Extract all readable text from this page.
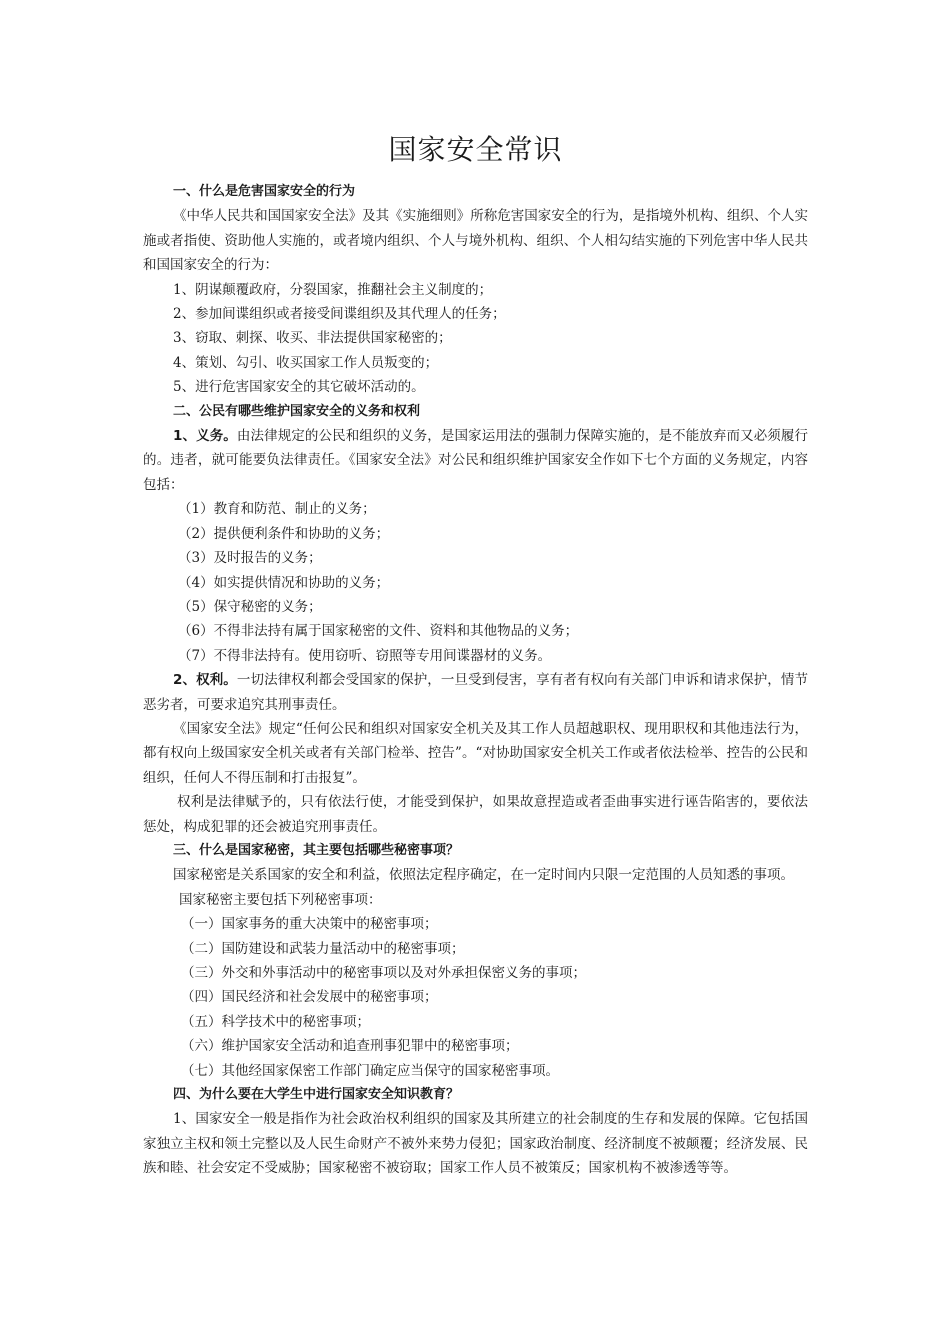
国家安全常识

一、什么是危害国家安全的行为

《中华人民共和国国家安全法》及其《实施细则》所称危害国家安全的行为，是指境外机构、组织、个人实施或者指使、资助他人实施的，或者境内组织、个人与境外机构、组织、个人相勾结实施的下列危害中华人民共和国国家安全的行为：

1、阴谋颠覆政府，分裂国家，推翻社会主义制度的；

2、参加间谍组织或者接受间谍组织及其代理人的任务；

3、窃取、刺探、收买、非法提供国家秘密的；

4、策划、勾引、收买国家工作人员叛变的；

5、进行危害国家安全的其它破坏活动的。

二、公民有哪些维护国家安全的义务和权利

1、义务。由法律规定的公民和组织的义务，是国家运用法的强制力保障实施的，是不能放弃而又必须履行的。违者，就可能要负法律责任。《国家安全法》对公民和组织维护国家安全作如下七个方面的义务规定，内容包括：

（1）教育和防范、制止的义务；

（2）提供便利条件和协助的义务；

（3）及时报告的义务；

（4）如实提供情况和协助的义务；

（5）保守秘密的义务；

（6）不得非法持有属于国家秘密的文件、资料和其他物品的义务；

（7）不得非法持有。使用窃听、窃照等专用间谍器材的义务。

2、权利。一切法律权利都会受国家的保护，一旦受到侵害，享有者有权向有关部门申诉和请求保护，情节恶劣者，可要求追究其刑事责任。

《国家安全法》规定“任何公民和组织对国家安全机关及其工作人员超越职权、现用职权和其他违法行为，都有权向上级国家安全机关或者有关部门检举、控告”。“对协助国家安全机关工作或者依法检举、控告的公民和组织，任何人不得压制和打击报复”。

权利是法律赋予的，只有依法行使，才能受到保护，如果故意捏造或者歪曲事实进行诬告陷害的，要依法惩处，构成犯罪的还会被追究刑事责任。

三、什么是国家秘密，其主要包括哪些秘密事项？

国家秘密是关系国家的安全和利益，依照法定程序确定，在一定时间内只限一定范围的人员知悉的事项。

国家秘密主要包括下列秘密事项：

（一）国家事务的重大决策中的秘密事项；

（二）国防建设和武装力量活动中的秘密事项；

（三）外交和外事活动中的秘密事项以及对外承担保密义务的事项；

（四）国民经济和社会发展中的秘密事项；

（五）科学技术中的秘密事项；

（六）维护国家安全活动和追查刑事犯罪中的秘密事项；

（七）其他经国家保密工作部门确定应当保守的国家秘密事项。

四、为什么要在大学生中进行国家安全知识教育？

1、国家安全一般是指作为社会政治权利组织的国家及其所建立的社会制度的生存和发展的保障。它包括国家独立主权和领土完整以及人民生命财产不被外来势力侵犯；国家政治制度、经济制度不被颠覆；经济发展、民族和睦、社会安定不受威胁；国家秘密不被窃取；国家工作人员不被策反；国家机构不被渗透等等。
